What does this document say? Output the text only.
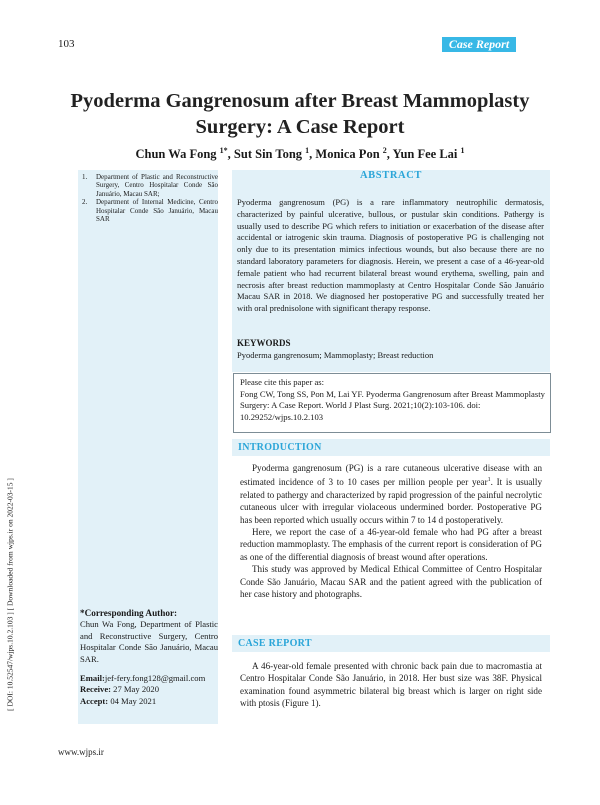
103	Case Report
Pyoderma Gangrenosum after Breast Mammoplasty Surgery: A Case Report
Chun Wa Fong $^{1*}$, Sut Sin Tong $^1$, Monica Pon $^2$, Yun Fee Lai $^1$
1.	Department of Plastic and Reconstructive Surgery, Centro Hospitalar Conde São Januário, Macau SAR;
2.	Department of Internal Medicine, Centro Hospitalar Conde São Januário, Macau SAR
*Corresponding Author:
Chun Wa Fong, Department of Plastic and Reconstructive Surgery, Centro Hospitalar Conde São Januário, Macau SAR.
Email:jef-fery.fong128@gmail.com
Receive: 27 May 2020
Accept: 04 May 2021
ABSTRACT
Pyoderma gangrenosum (PG) is a rare inflammatory neutrophilic dermatosis, characterized by painful ulcerative, bullous, or pustular skin conditions. Pathergy is usually used to describe PG which refers to initiation or exacerbation of the disease after accidental or iatrogenic skin trauma. Diagnosis of postoperative PG is challenging not only due to its presentation mimics infectious wounds, but also because there are no standard laboratory parameters for diagnosis. Herein, we present a case of a 46-year-old female patient who had recurrent bilateral breast wound erythema, swelling, pain and necrosis after breast reduction mammoplasty at Centro Hospitalar Conde São Januário Macau SAR in 2018. We diagnosed her postoperative PG and successfully treated her with oral prednisolone with significant therapy response.
KEYWORDS
Pyoderma gangrenosum; Mammoplasty; Breast reduction
Please cite this paper as:
Fong CW, Tong SS, Pon M, Lai YF. Pyoderma Gangrenosum after Breast Mammoplasty Surgery: A Case Report. World J Plast Surg. 2021;10(2):103-106. doi: 10.29252/wjps.10.2.103
INTRODUCTION

Pyoderma gangrenosum (PG) is a rare cutaneous ulcerative disease with an estimated incidence of 3 to 10 cases per million people per year$^1$. It is usually related to pathergy and characterized by rapid progression of the painful necrolytic cutaneous ulcer with irregular violaceous undermined border. Postoperative PG has been reported which usually occurs within 7 to 14 d postoperatively.

Here, we report the case of a 46-year-old female who had PG after a breast reduction mammoplasty. The emphasis of the current report is consideration of PG as one of the differential diagnosis of breast wound after operations.

This study was approved by Medical Ethical Committee of Centro Hospitalar Conde São Januário, Macau SAR and the patient agreed with the publication of her case history and photographs.

CASE REPORT

A 46-year-old female presented with chronic back pain due to macromastia at Centro Hospitalar Conde São Januário, in 2018. Her bust size was 38F. Physical examination found asymmetric bilateral big breast which is larger on right side with ptosis (Figure 1).

www.wjps.ir
[ DOI: 10.52547/wjps.10.2.103 ] [ Downloaded from wjps.ir on 2022-03-15 ]
